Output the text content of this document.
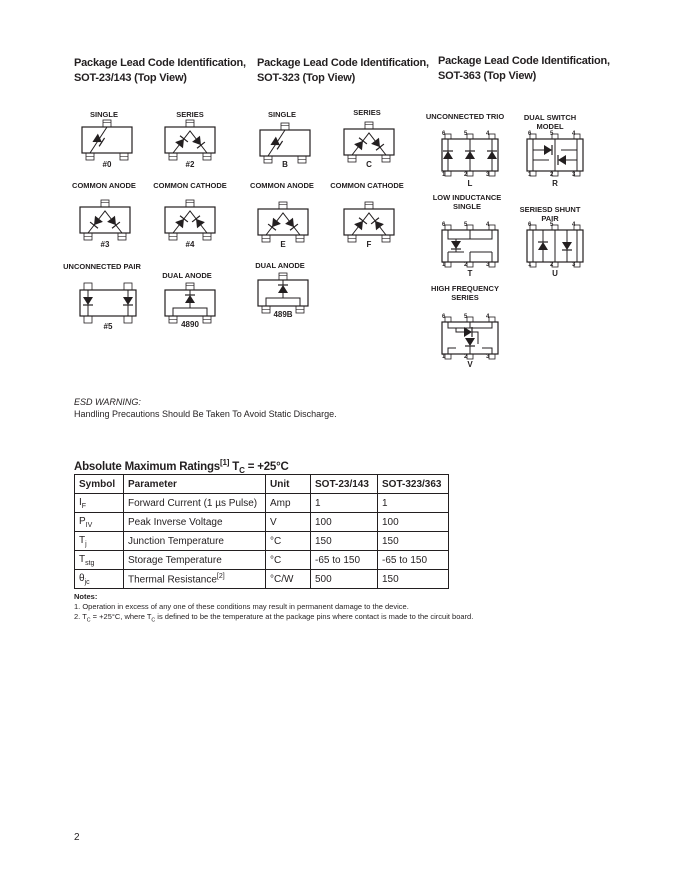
Package Lead Code Identification,
SOT-23/143 (Top View)
Package Lead Code Identification,
SOT-323 (Top View)
Package Lead Code Identification,
SOT-363 (Top View)
SINGLE
#0
SERIES
#2
COMMON ANODE
#3
COMMON CATHODE
#4
UNCONNECTED PAIR
#5
DUAL ANODE
4890
SINGLE
B
SERIES
C
COMMON ANODE
E
COMMON CATHODE
F
DUAL ANODE
489B
UNCONNECTED TRIO
6	5	4
1	2	3
L
DUAL SWITCH MODEL
6	5	4
1	2	3
R
LOW INDUCTANCE SINGLE
6	5	4
1	2	3
T
SERIESD SHUNT PAIR
6	5	4
1	2	3
U
HIGH FREQUENCY SERIES
6	5	4
1	2	3
V
ESD WARNING:
Handling Precautions Should Be Taken To Avoid Static Discharge.
Absolute Maximum Ratings[1] $T_C = +25^\circ C$
Symbol	Parameter	Unit	SOT-23/143	SOT-323/363
$I_F$	Forward Current (1 µs Pulse)	Amp	1	1
$P_{IV}$	Peak Inverse Voltage	V	100	100
$T_j$	Junction Temperature	°C	150	150
$T_{stg}$	Storage Temperature	°C	-65 to 150	-65 to 150
$\theta_{jc}$	Thermal Resistance[2]	°C/W	500	150
Notes:
1. Operation in excess of any one of these conditions may result in permanent damage to the device.
2. $T_C = +25^\circ C$, where $T_C$ is defined to be the temperature at the package pins where contact is made to the circuit board.
2
